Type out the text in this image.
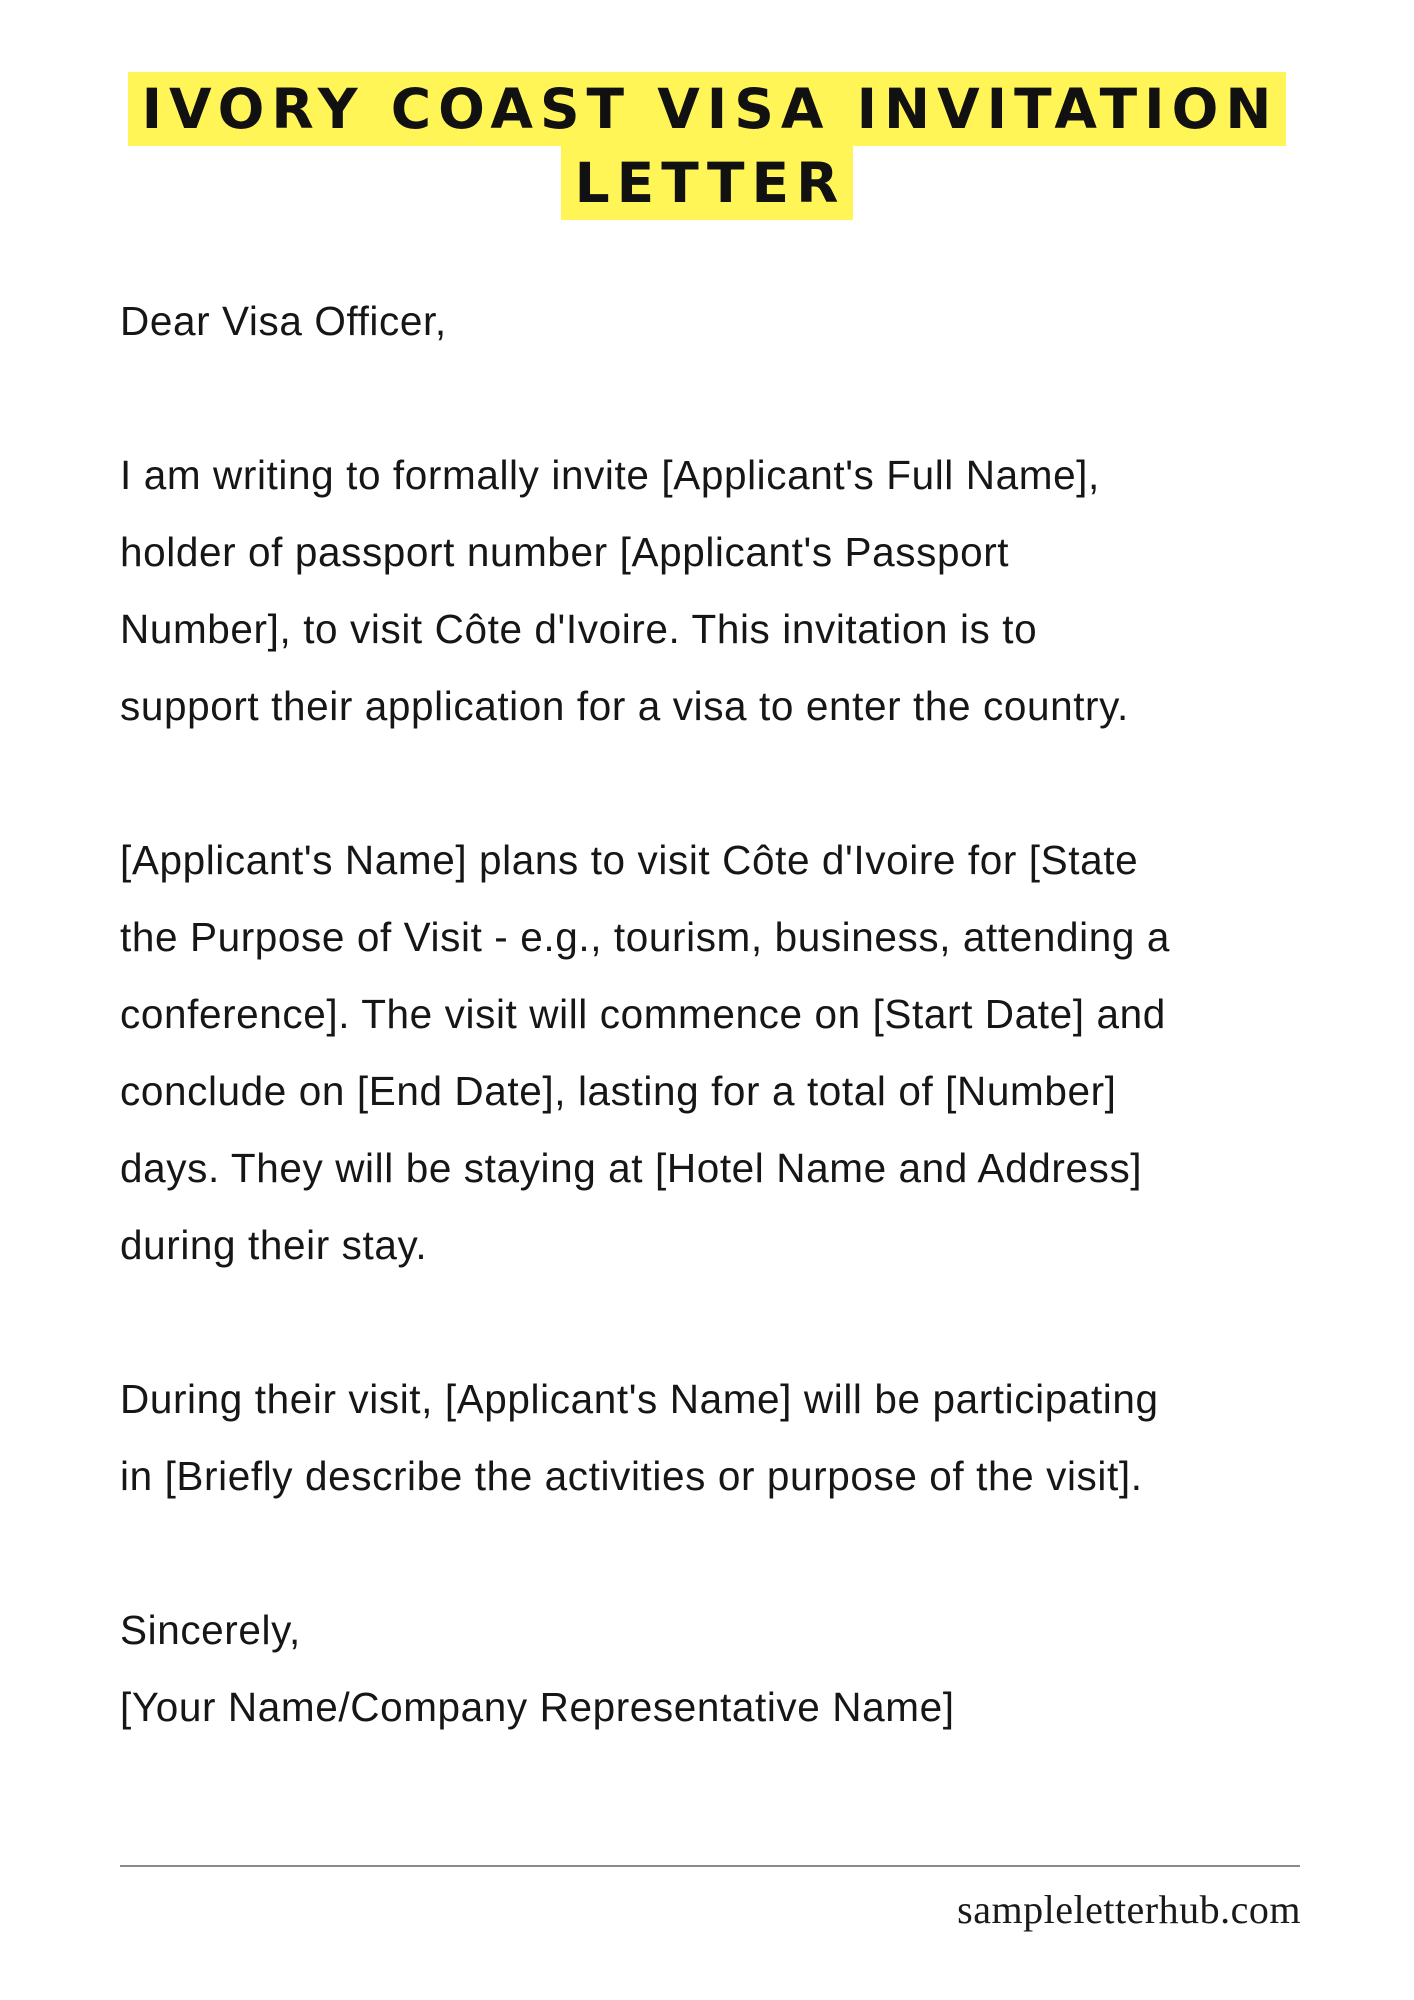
IVORY COAST VISA INVITATION
LETTER

Dear Visa Officer,

I am writing to formally invite [Applicant's Full Name],
holder of passport number [Applicant's Passport
Number], to visit Côte d'Ivoire. This invitation is to
support their application for a visa to enter the country.

[Applicant's Name] plans to visit Côte d'Ivoire for [State
the Purpose of Visit - e.g., tourism, business, attending a
conference]. The visit will commence on [Start Date] and
conclude on [End Date], lasting for a total of [Number]
days. They will be staying at [Hotel Name and Address]
during their stay.

During their visit, [Applicant's Name] will be participating
in [Briefly describe the activities or purpose of the visit].

Sincerely,
[Your Name/Company Representative Name]

sampleletterhub.com
